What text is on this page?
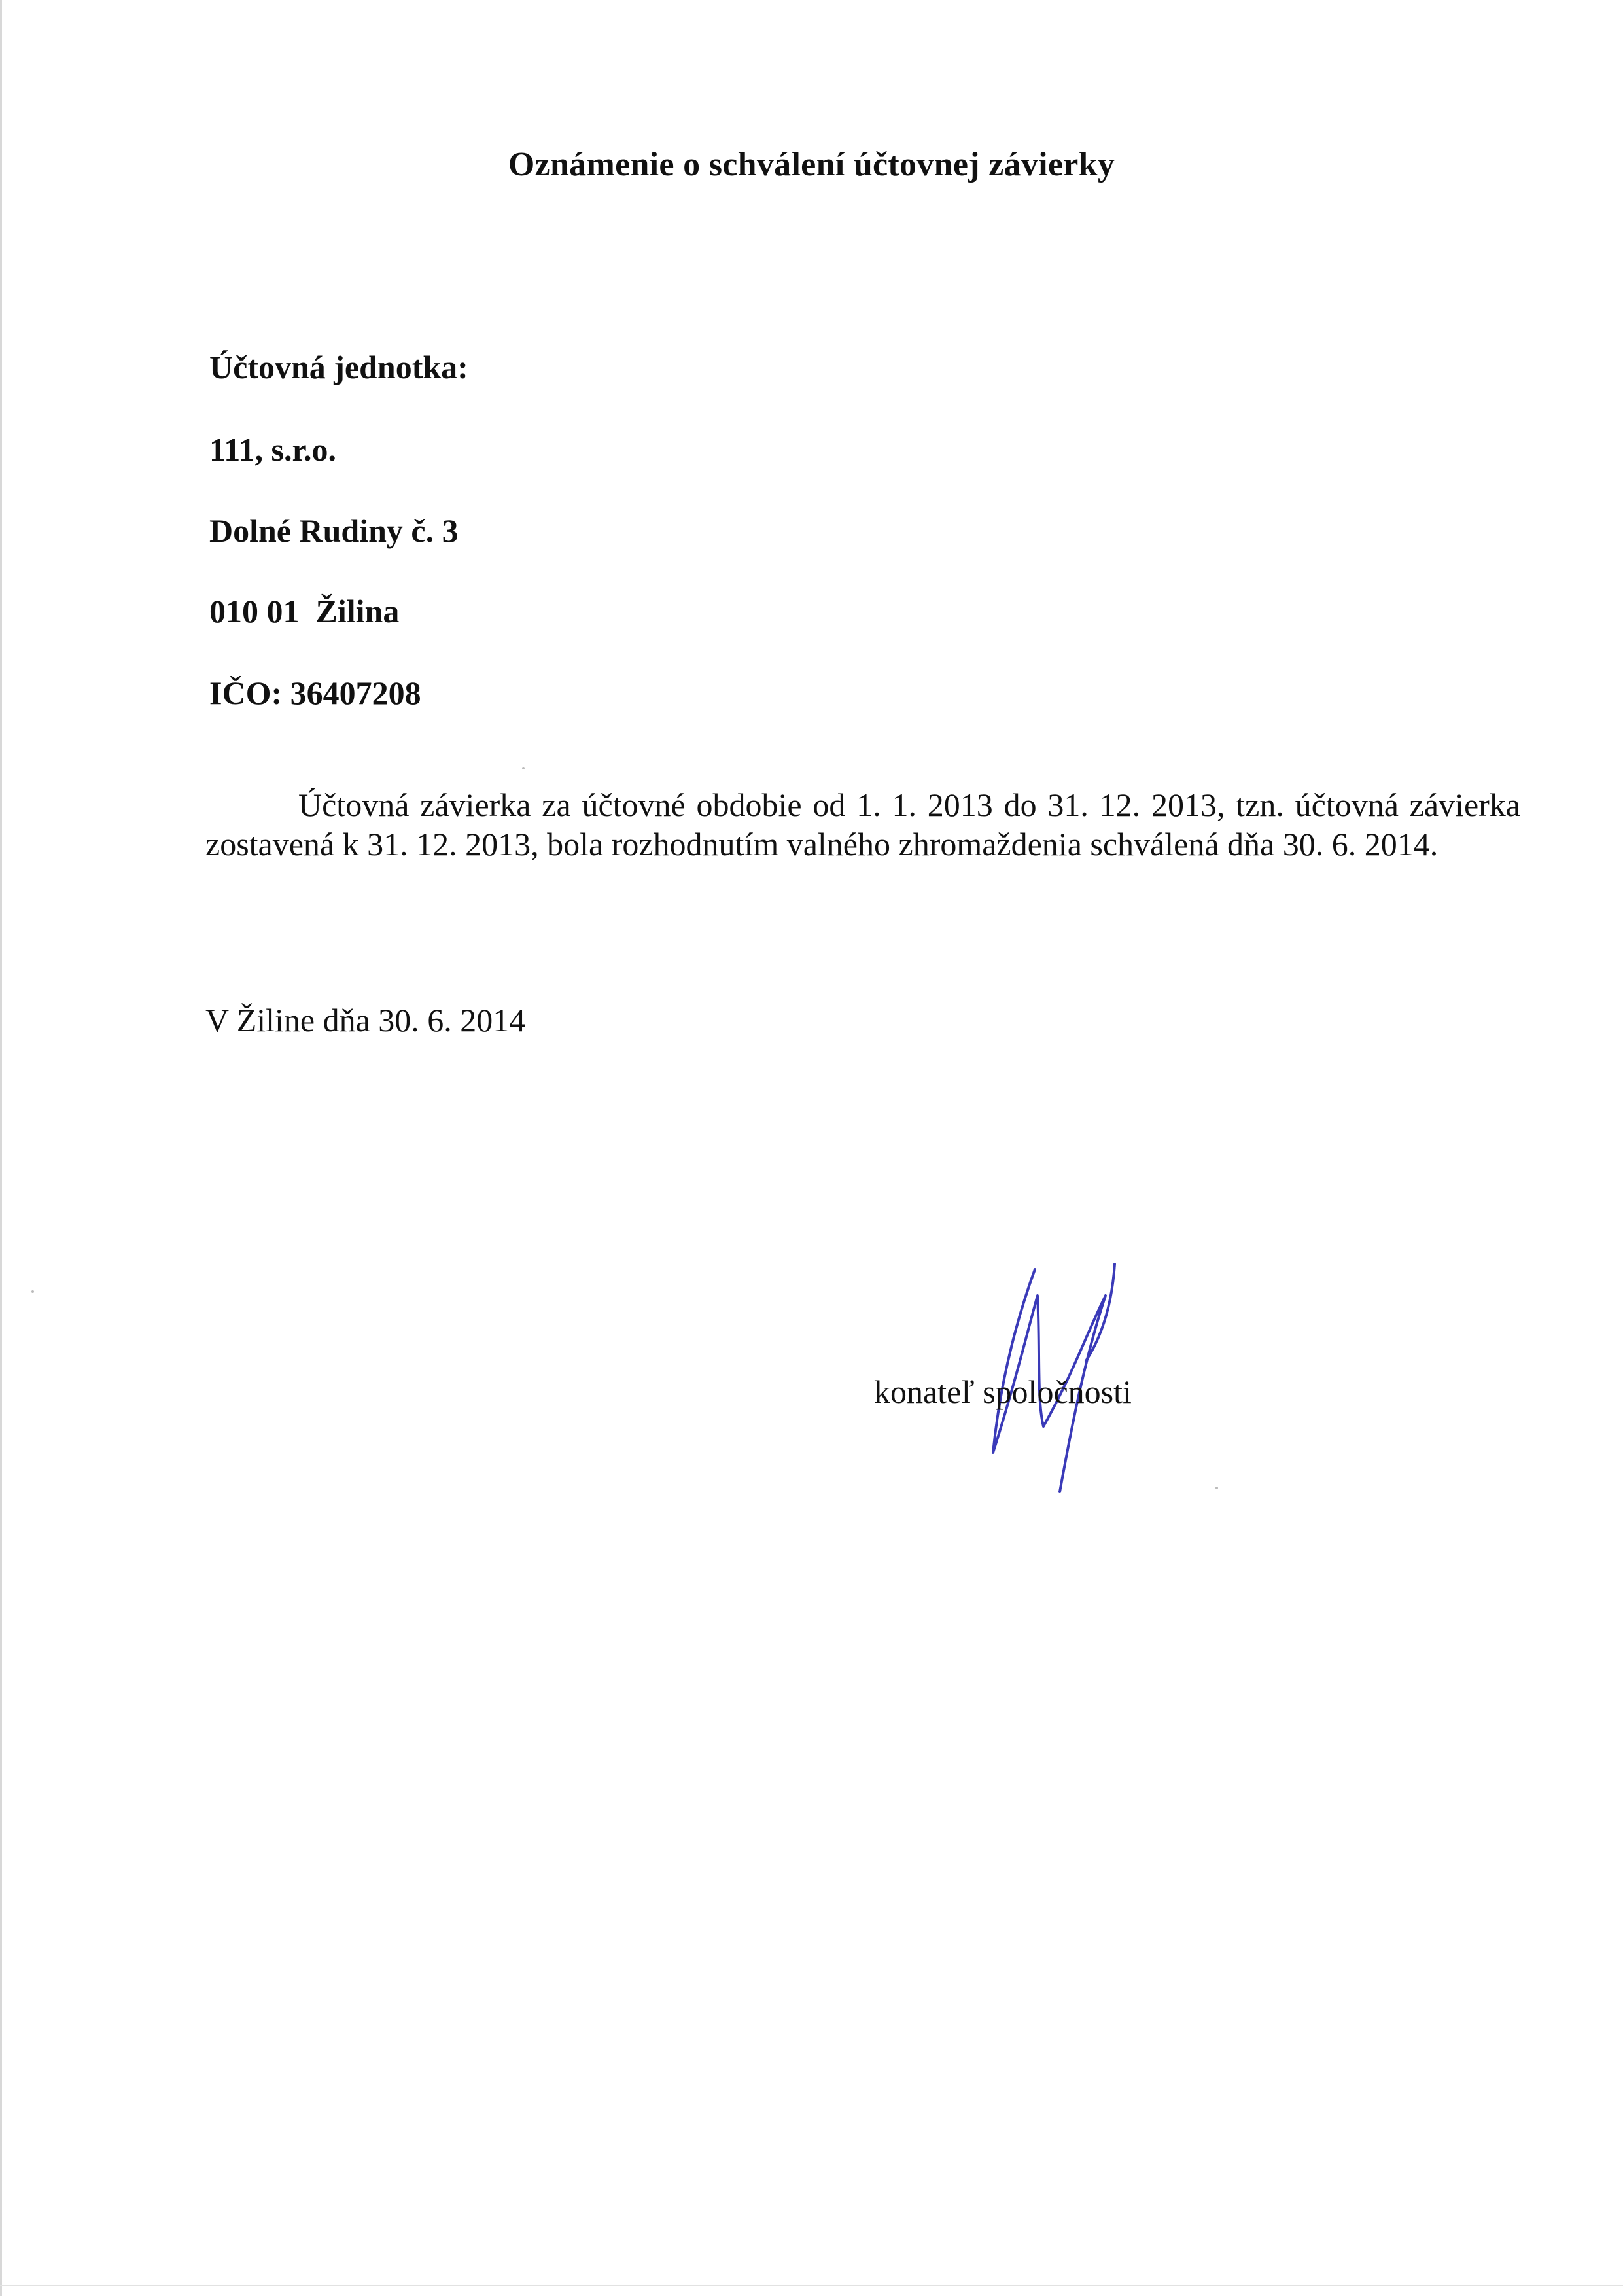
Oznámenie o schválení účtovnej závierky
Účtovná jednotka:
111, s.r.o.
Dolné Rudiny č. 3
010 01  Žilina
IČO: 36407208
Účtovná závierka za účtovné obdobie od 1. 1. 2013 do 31. 12. 2013, tzn. účtovná závierka zostavená k 31. 12. 2013, bola rozhodnutím valného zhromaždenia schválená dňa 30. 6. 2014.
V Žiline dňa 30. 6. 2014
konateľ spoločnosti
